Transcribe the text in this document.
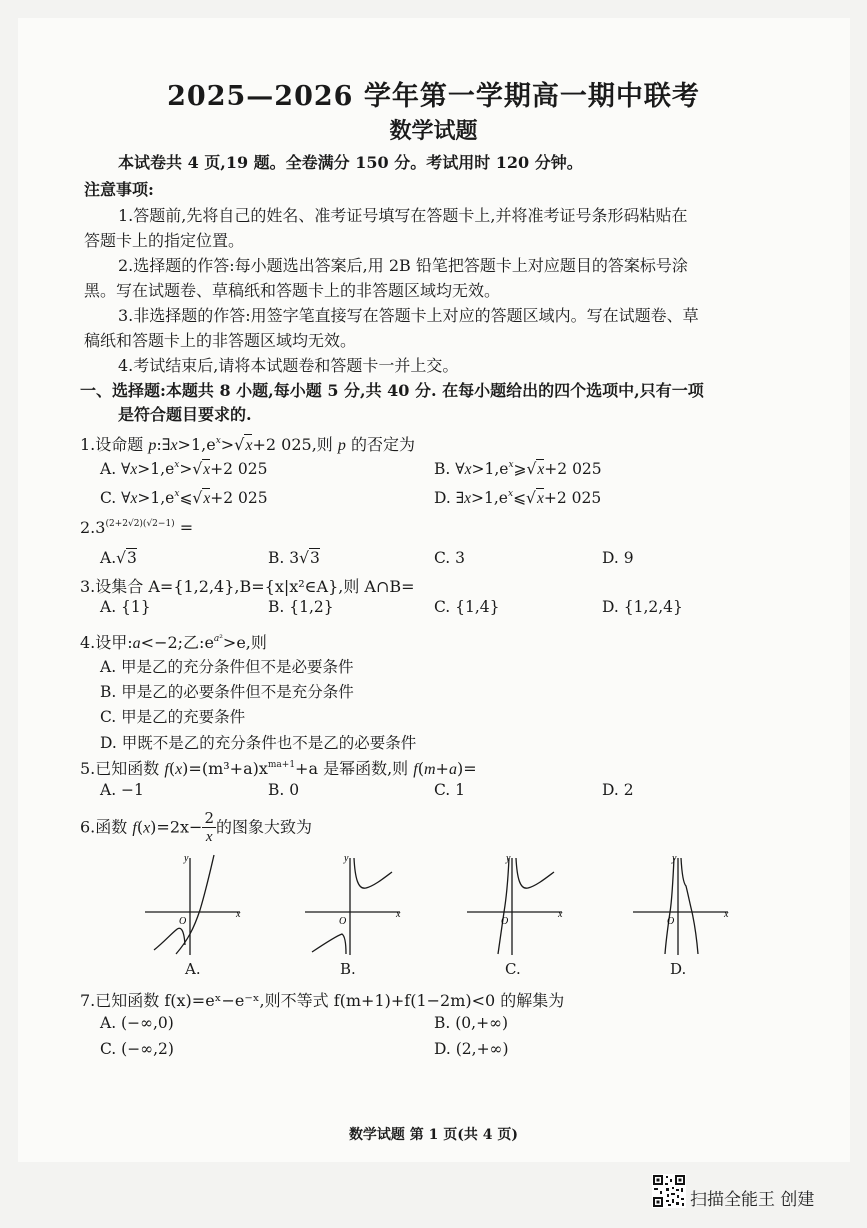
2025—2026 学年第一学期高一期中联考
数学试题
本试卷共 4 页,19 题。全卷满分 150 分。考试用时 120 分钟。
注意事项:
1.答题前,先将自己的姓名、准考证号填写在答题卡上,并将准考证号条形码粘贴在
答题卡上的指定位置。
2.选择题的作答:每小题选出答案后,用 2B 铅笔把答题卡上对应题目的答案标号涂
黑。写在试题卷、草稿纸和答题卡上的非答题区域均无效。
3.非选择题的作答:用签字笔直接写在答题卡上对应的答题区域内。写在试题卷、草
稿纸和答题卡上的非答题区域均无效。
4.考试结束后,请将本试题卷和答题卡一并上交。
一、选择题:本题共 8 小题,每小题 5 分,共 40 分. 在每小题给出的四个选项中,只有一项
是符合题目要求的.
1.设命题 $p:\exists x>1,e^x>√x+2$ 025,则 p 的否定为
A. $\forall x>1,e^x>√x+2$ 025	B. $\forall x>1,e^x⩾√x+2$ 025
C. $\forall x>1,e^x⩽√x+2$ 025	D. $\exists x>1,e^x⩽√x+2$ 025
$2.3^{(2+2√2)(√2-1)}$ =
A.√3	B. 3√3	C. 3	D. 9
3.设集合 A={1,2,4},B={x|x²∈A},则 A∩B=
A. {1}	B. {1,2}	C. {1,4}	D. {1,2,4}
4.设甲:a<−2;乙$:e^{a^2}>e$,则
A. 甲是乙的充分条件但不是必要条件
B. 甲是乙的必要条件但不是充分条件
C. 甲是乙的充要条件
D. 甲既不是乙的充分条件也不是乙的必要条件
5.已知函数 $f(x)=(m^3+a)x^{ma+1}+a$ 是幂函数,则 f(m+a)=
A. −1	B. 0	C. 1	D. 2
6.函数 $f(x)=2x- \frac{2}{x}$ 的图象大致为
x
y
O
A.
x
y
O
B.
x
y
O
C.
x
y
O
D.
7.已知函数 f(x)=eˣ−e⁻ˣ,则不等式 f(m+1)+f(1−2m)<0 的解集为
A. (−∞,0)	B. (0,+∞)
C. (−∞,2)	D. (2,+∞)
数学试题 第 1 页(共 4 页)
扫描全能王 创建
